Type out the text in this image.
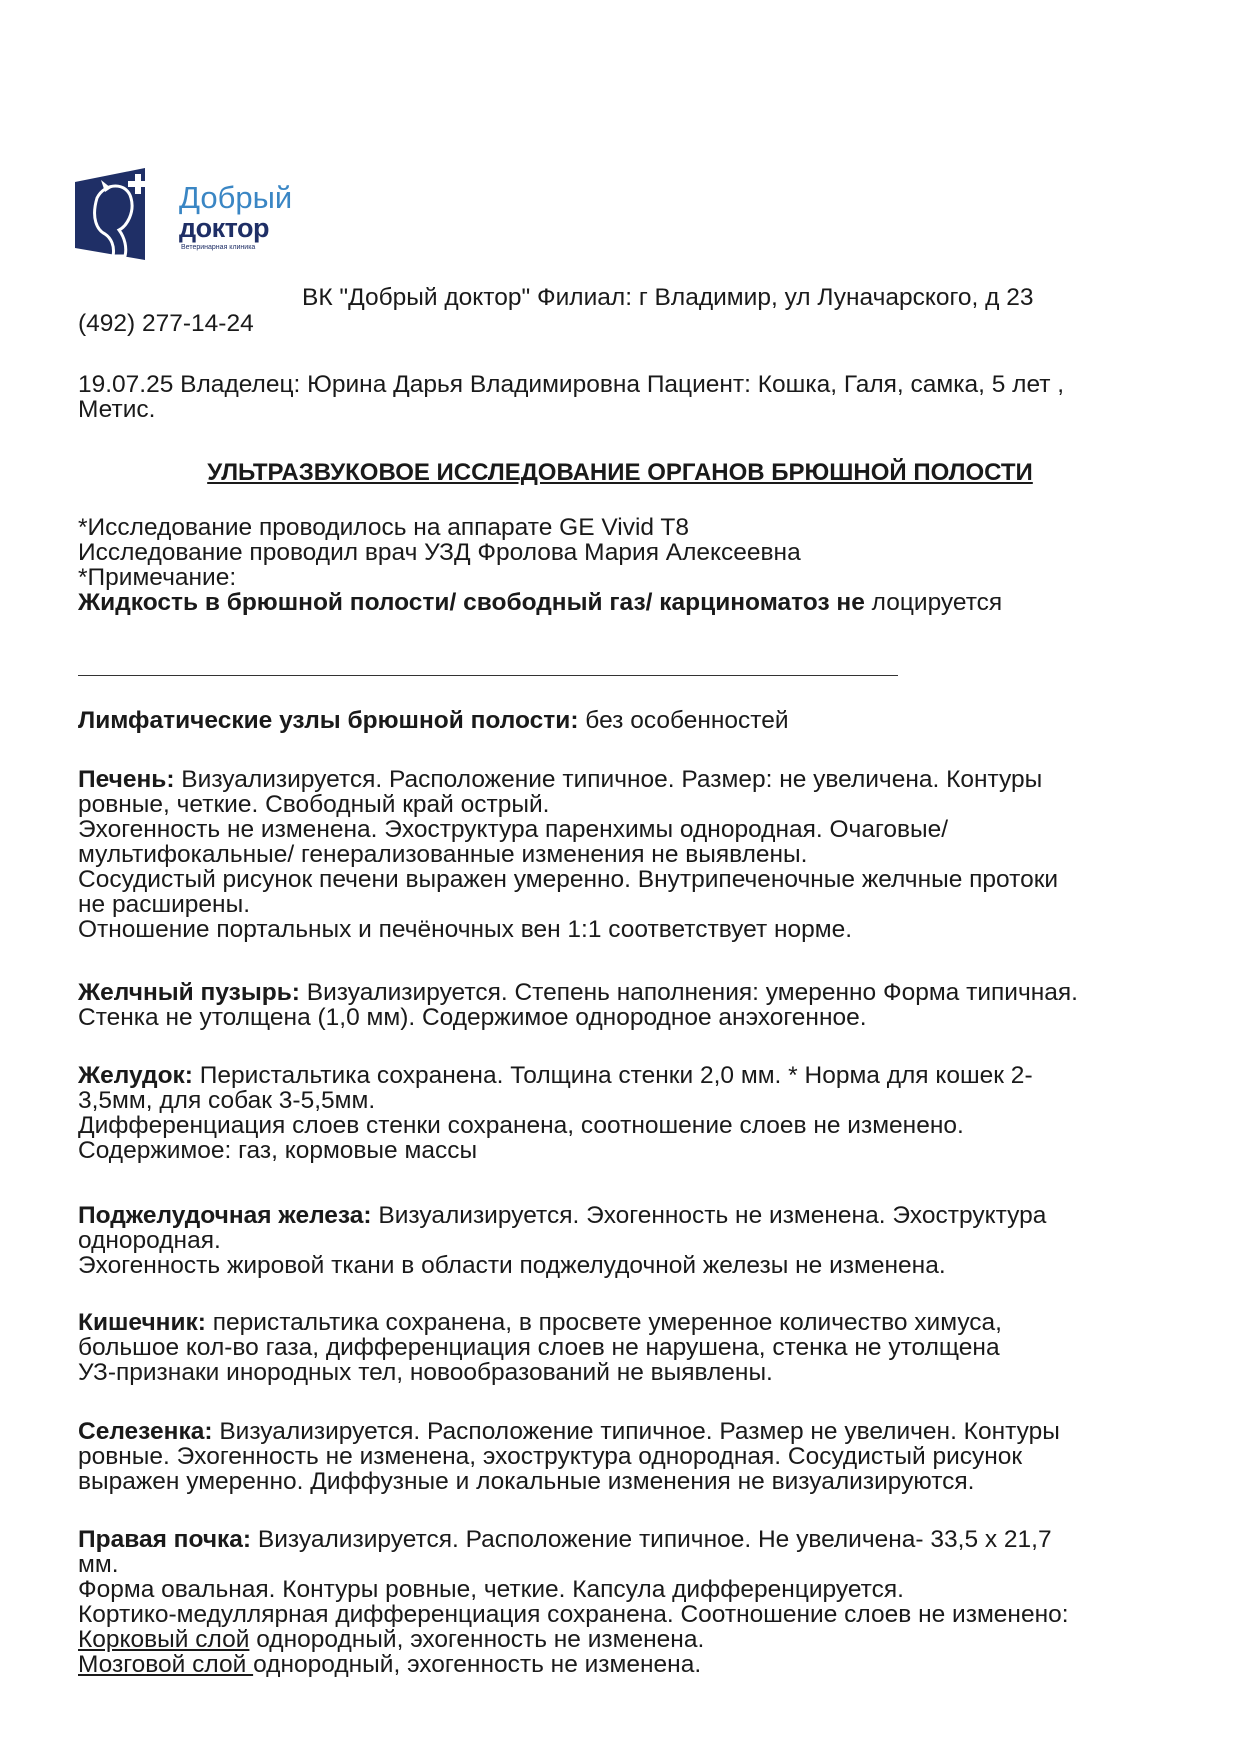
Добрый
доктор
Ветеринарная клиника
ВК "Добрый доктор" Филиал: г Владимир, ул Луначарского, д 23
(492) 277-14-24
19.07.25 Владелец: Юрина Дарья Владимировна Пациент: Кошка, Галя, самка, 5 лет ,
Метис.
УЛЬТРАЗВУКОВОЕ ИССЛЕДОВАНИЕ ОРГАНОВ БРЮШНОЙ ПОЛОСТИ
*Исследование проводилось на аппарате GE Vivid T8
Исследование проводил врач УЗД Фролова Мария Алексеевна
*Примечание:
Жидкость в брюшной полости/ свободный газ/ карциноматоз не лоцируется
Лимфатические узлы брюшной полости: без особенностей
Печень: Визуализируется. Расположение типичное. Размер: не увеличена. Контуры
ровные, четкие. Свободный край острый.
Эхогенность не изменена. Эхоструктура паренхимы однородная. Очаговые/
мультифокальные/ генерализованные изменения не выявлены.
Сосудистый рисунок печени выражен умеренно. Внутрипеченочные желчные протоки
не расширены.
Отношение портальных и печёночных вен 1:1 соответствует норме.
Желчный пузырь: Визуализируется. Степень наполнения: умеренно Форма типичная.
Стенка не утолщена (1,0 мм). Содержимое однородное анэхогенное.
Желудок: Перистальтика сохранена. Толщина стенки 2,0 мм. * Норма для кошек 2-
3,5мм, для собак 3-5,5мм.
Дифференциация слоев стенки сохранена, соотношение слоев не изменено.
Содержимое: газ, кормовые массы
Поджелудочная железа: Визуализируется. Эхогенность не изменена. Эхоструктура
однородная.
Эхогенность жировой ткани в области поджелудочной железы не изменена.
Кишечник: перистальтика сохранена, в просвете умеренное количество химуса,
большое кол-во газа, дифференциация слоев не нарушена, стенка не утолщена
УЗ-признаки инородных тел, новообразований не выявлены.
Селезенка: Визуализируется. Расположение типичное. Размер не увеличен. Контуры
ровные. Эхогенность не изменена, эхоструктура однородная. Сосудистый рисунок
выражен умеренно. Диффузные и локальные изменения не визуализируются.
Правая почка: Визуализируется. Расположение типичное. Не увеличена- 33,5 х 21,7
мм.
Форма овальная. Контуры ровные, четкие. Капсула дифференцируется.
Кортико-медуллярная дифференциация сохранена. Соотношение слоев не изменено:
Корковый слой однородный, эхогенность не изменена.
Мозговой слой однородный, эхогенность не изменена.
